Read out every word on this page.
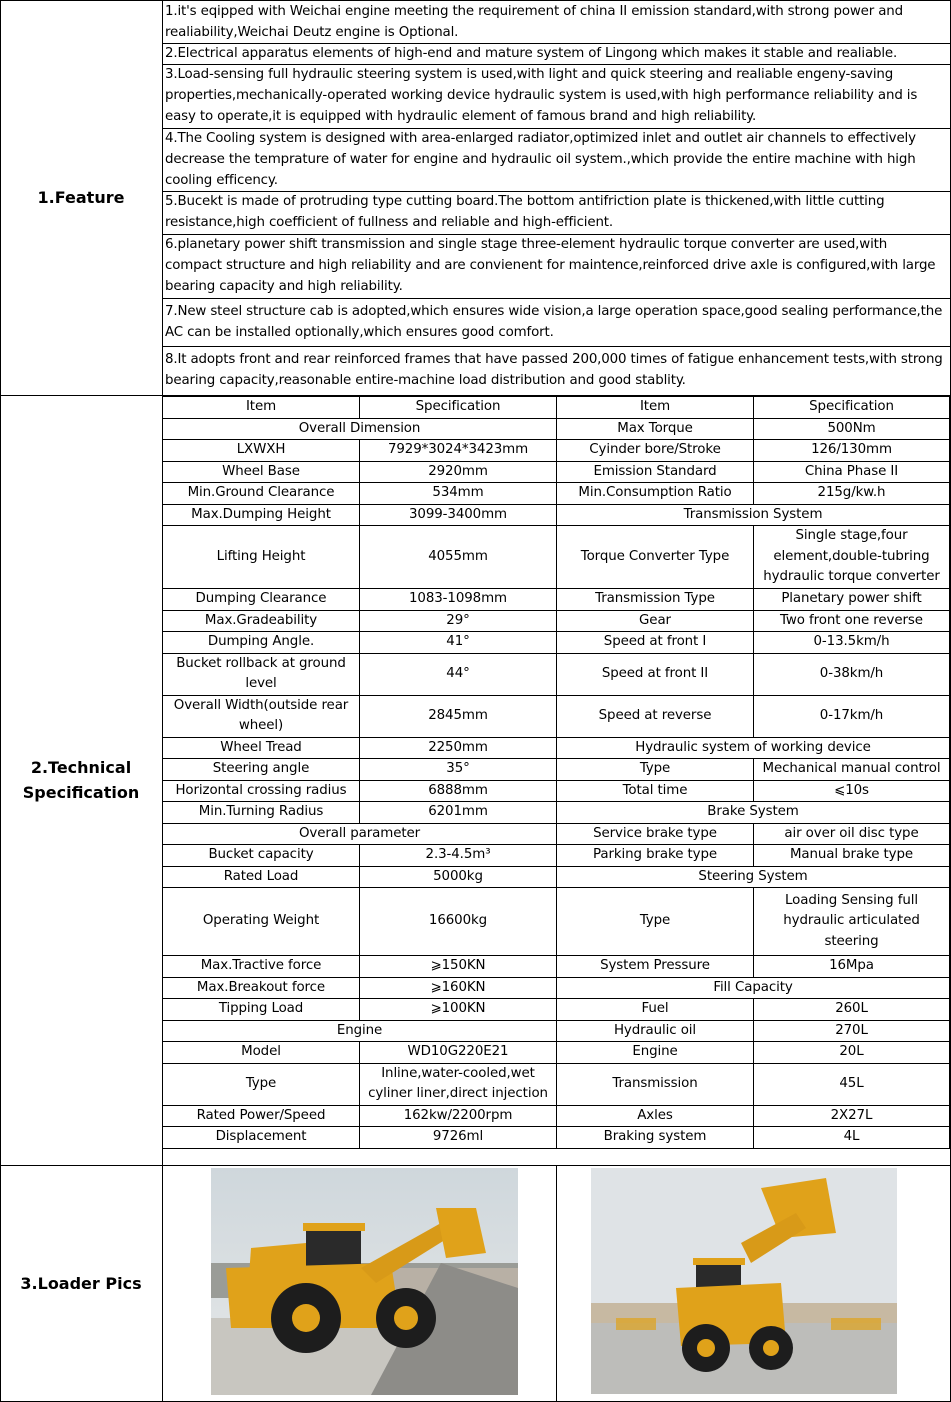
1.Feature
2.Technical Specification
3.Loader Pics
1.it's eqipped with Weichai engine meeting the requirement of china II emission standard,with strong power and realiability,Weichai Deutz engine is Optional.
2.Electrical apparatus elements of high-end and mature system of Lingong which makes it stable and realiable.
3.Load-sensing full hydraulic steering system is used,with light and quick steering and realiable engeny-saving properties,mechanically-operated working device hydraulic system is used,with high performance reliability and is easy to operate,it is equipped with hydraulic element of famous brand and high reliability.
4.The Cooling system is designed with area-enlarged radiator,optimized inlet and outlet air channels to effectively decrease the temprature of water for engine and hydraulic oil system.,which provide the entire machine with high cooling efficency.
5.Bucekt is made of protruding type cutting board.The bottom antifriction plate is thickened,with little cutting resistance,high coefficient of fullness and reliable and high-efficient.
6.planetary power shift transmission and single stage three-element hydraulic torque converter are used,with compact structure and high reliability and are convienent for maintence,reinforced drive axle is configured,with large bearing capacity and high reliability.
7.New steel structure cab is adopted,which ensures wide vision,a large operation space,good sealing performance,the AC can be installed optionally,which ensures good comfort.
8.It adopts front and rear reinforced frames that have passed 200,000 times of fatigue enhancement tests,with strong bearing capacity,reasonable entire-machine load distribution and good stablity.
Item	Specification	Item	Specification
Overall Dimension		Max Torque	500Nm
LXWXH	7929*3024*3423mm	Cyinder bore/Stroke	126/130mm
Wheel Base	2920mm	Emission Standard	China Phase II
Min.Ground Clearance	534mm	Min.Consumption Ratio	215g/kw.h
Max.Dumping Height	3099-3400mm	Transmission System	
Lifting Height	4055mm	Torque Converter Type	Single stage,four element,double-tubring hydraulic torque converter
Dumping Clearance	1083-1098mm	Transmission Type	Planetary power shift
Max.Gradeability	29°	Gear	Two front one reverse
Dumping Angle.	41°	Speed at front I	0-13.5km/h
Bucket rollback at ground level	44°	Speed at front II	0-38km/h
Overall Width(outside rear wheel)	2845mm	Speed at reverse	0-17km/h
Wheel Tread	2250mm	Hydraulic system of working device	
Steering angle	35°	Type	Mechanical manual control
Horizontal crossing radius	6888mm	Total time	⩽10s
Min.Turning Radius	6201mm	Brake System	
Overall parameter		Service brake type	air over oil disc type
Bucket capacity	2.3-4.5m³	Parking brake type	Manual brake type
Rated Load	5000kg	Steering System	
Operating Weight	16600kg	Type	Loading Sensing full hydraulic articulated steering
Max.Tractive force	⩾150KN	System Pressure	16Mpa
Max.Breakout force	⩾160KN	Fill Capacity	
Tipping Load	⩾100KN	Fuel	260L
Engine		Hydraulic oil	270L
Model	WD10G220E21	Engine	20L
Type	Inline,water-cooled,wet cyliner liner,direct injection	Transmission	45L
Rated Power/Speed	162kw/2200rpm	Axles	2X27L
Displacement	9726ml	Braking system	4L
